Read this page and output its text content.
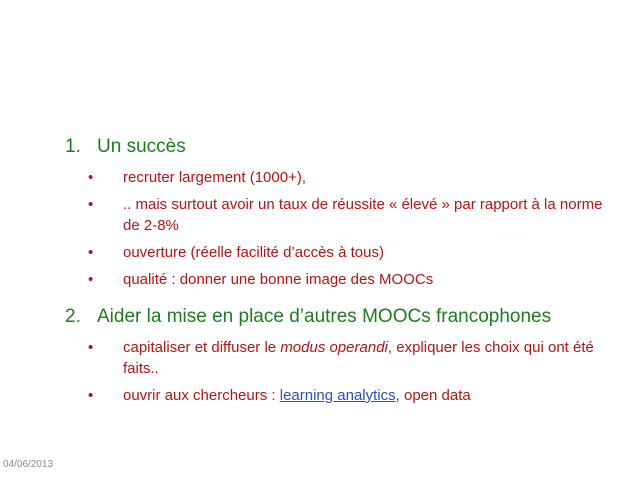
1. Un succès
• recruter largement (1000+),
• .. mais surtout avoir un taux de réussite « élevé » par rapport à la norme de 2-8%
• ouverture (réelle facilité d’accès à tous)
• qualité : donner une bonne image des MOOCs
2. Aider la mise en place d’autres MOOCs francophones
• capitaliser et diffuser le modus operandi, expliquer les choix qui ont été faits..
• ouvrir aux chercheurs : learning analytics, open data
04/06/2013
